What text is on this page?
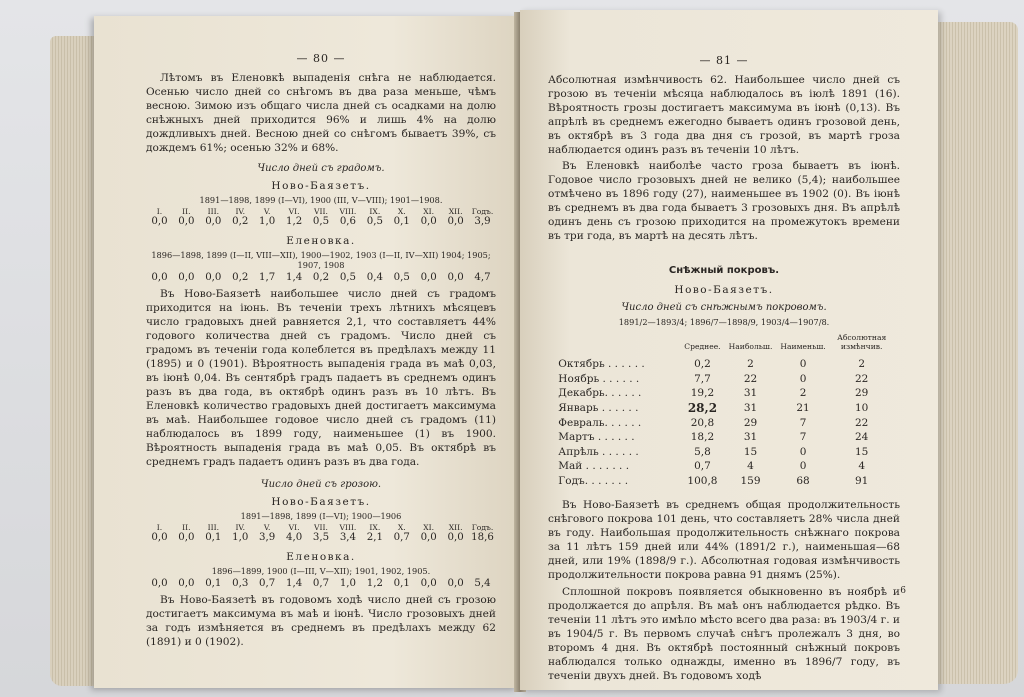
— 80 —

Лѣтомъ въ Еленовкѣ выпаденія снѣга не наблюдается. Осенью число дней со снѣгомъ въ два раза меньше, чѣмъ весною. Зимою изъ общаго числа дней съ осадками на долю снѣжныхъ дней приходится 96% и лишь 4% на долю дождливыхъ дней. Весною дней со снѣгомъ бываетъ 39%, съ дождемъ 61%; осенью 32% и 68%.

Число дней съ градомъ.
Ново-Баязетъ.
1891—1898, 1899 (I—VI), 1900 (III, V—VIII); 1901—1908.
I.	II.	III.	IV.	V.	VI.	VII.	VIII.	IX.	X.	XI.	XII.	Годъ.
0,0	0,0	0,0	0,2	1,0	1,2	0,5	0,6	0,5	0,1	0,0	0,0	3,9
Еленовка.
1896—1898, 1899 (I—II, VIII—XII), 1900—1902, 1903 (I—II, IV—XII) 1904; 1905; 1907, 1908
0,0	0,0	0,0	0,2	1,7	1,4	0,2	0,5	0,4	0,5	0,0	0,0	4,7

Въ Ново-Баязетѣ наибольшее число дней съ градомъ приходится на іюнь. Въ теченіи трехъ лѣтнихъ мѣсяцевъ число градовыхъ дней равняется 2,1, что составляетъ 44% годового количества дней съ градомъ. Число дней съ градомъ въ теченіи года колеблется въ предѣлахъ между 11 (1895) и 0 (1901). Вѣроятность выпаденія града въ маѣ 0,03, въ іюнѣ 0,04. Въ сентябрѣ градъ падаетъ въ среднемъ одинъ разъ въ два года, въ октябрѣ одинъ разъ въ 10 лѣтъ. Въ Еленовкѣ количество градовыхъ дней достигаетъ максимума въ маѣ. Наибольшее годовое число дней съ градомъ (11) наблюдалось въ 1899 году, наименьшее (1) въ 1900. Вѣроятность выпаденія града въ маѣ 0,05. Въ октябрѣ въ среднемъ градъ падаетъ одинъ разъ въ два года.

Число дней съ грозою.
Ново-Баязетъ.
1891—1898, 1899 (I—VI); 1900—1906
I.	II.	III.	IV.	V.	VI.	VII.	VIII.	IX.	X.	XI.	XII.	Годъ.
0,0	0,0	0,1	1,0	3,9	4,0	3,5	3,4	2,1	0,7	0,0	0,0 18,6
Еленовка.
1896—1899, 1900 (I—III, V—XII); 1901, 1902, 1905.
0,0	0,0	0,1	0,3	0,7	1,4	0,7	1,0	1,2	0,1	0,0	0,0	5,4

Въ Ново-Баязетѣ въ годовомъ ходѣ число дней съ грозою достигаетъ максимума въ маѣ и іюнѣ. Число грозовыхъ дней за годъ измѣняется въ среднемъ въ предѣлахъ между 62 (1891) и 0 (1902).

— 81 —

Абсолютная измѣнчивость 62. Наибольшее число дней съ грозою въ теченіи мѣсяца наблюдалось въ іюлѣ 1891 (16). Вѣроятность грозы достигаетъ максимума въ іюнѣ (0,13). Въ апрѣлѣ въ среднемъ ежегодно бываетъ одинъ грозовой день, въ октябрѣ въ 3 года два дня съ грозой, въ мартѣ гроза наблюдается одинъ разъ въ теченіи 10 лѣтъ.

Въ Еленовкѣ наиболѣе часто гроза бываетъ въ іюнѣ. Годовое число грозовыхъ дней не велико (5,4); наибольшее отмѣчено въ 1896 году (27), наименьшее въ 1902 (0). Въ іюнѣ въ среднемъ въ два года бываетъ 3 грозовыхъ дня. Въ апрѣлѣ одинъ день съ грозою приходится на промежутокъ времени въ три года, въ мартѣ на десять лѣтъ.

Снѣжный покровъ.
Ново-Баязетъ.
Число дней съ снѣжнымъ покровомъ.
1891/2—1893/4; 1896/7—1898/9, 1903/4—1907/8.
	Среднее.	Наибольш.	Наименьш.	Абсолютная измѣнчив.
Октябрь . . . . . .	0,2	2	0	2
Ноябрь . . . . . .	7,7	22	0	22
Декабрь. . . . . .	19,2	31	2	29
Январь . . . . . .	28,2	31	21	10
Февраль. . . . . .	20,8	29	7	22
Мартъ . . . . . .	18,2	31	7	24
Апрѣль . . . . . .	5,8	15	0	15
Май . . . . . . .	0,7	4	0	4
Годъ. . . . . . .	100,8	159	68	91

Въ Ново-Баязетѣ въ среднемъ общая продолжительность снѣгового покрова 101 день, что составляетъ 28% числа дней въ году. Наибольшая продолжительность снѣжнаго покрова за 11 лѣтъ 159 дней или 44% (1891/2 г.), наименьшая—68 дней, или 19% (1898/9 г.). Абсолютная годовая измѣнчивость продолжительности покрова равна 91 днямъ (25%).

Сплошной покровъ появляется обыкновенно въ ноябрѣ и продолжается до апрѣля. Въ маѣ онъ наблюдается рѣдко. Въ теченіи 11 лѣтъ это имѣло мѣсто всего два раза: въ 1903/4 г. и въ 1904/5 г. Въ первомъ случаѣ снѣгъ пролежалъ 3 дня, во второмъ 4 дня. Въ октябрѣ постоянный снѣжный покровъ наблюдался только однажды, именно въ 1896/7 году, въ теченіи двухъ дней. Въ годовомъ ходѣ

6
